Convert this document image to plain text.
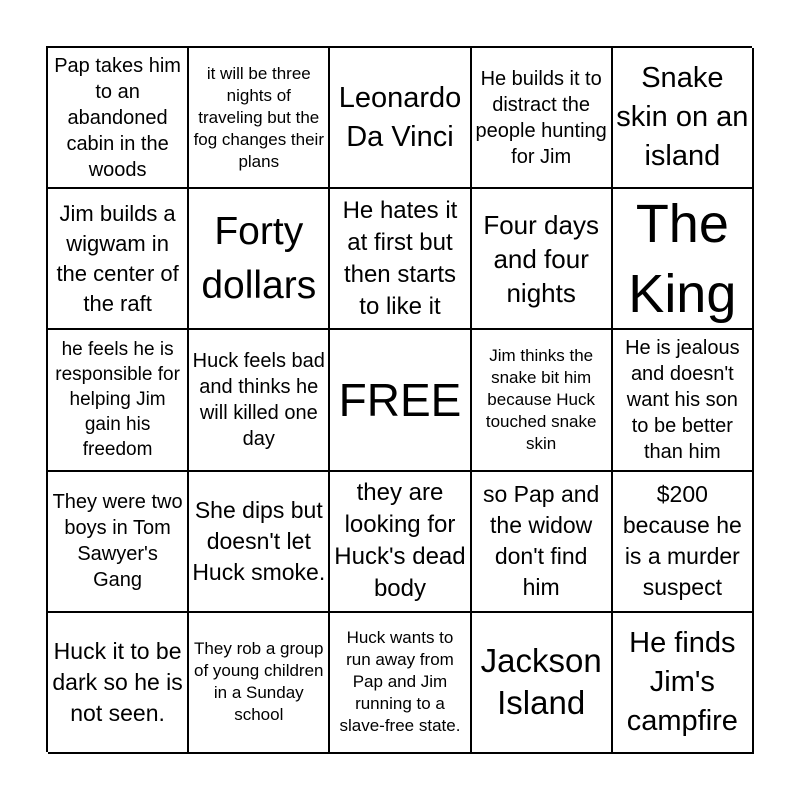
Pap takes him to an abandoned cabin in the woods
it will be three nights of traveling but the fog changes their plans
Leonardo Da Vinci
He builds it to distract the people hunting for Jim
Snake skin on an island
Jim builds a wigwam in the center of the raft
Forty dollars
He hates it at first but then starts to like it
Four days and four nights
The King
he feels he is responsible for helping Jim gain his freedom
Huck feels bad and thinks he will killed one day
FREE
Jim thinks the snake bit him because Huck touched snake skin
He is jealous and doesn't want his son to be better than him
They were two boys in Tom Sawyer's Gang
She dips but doesn't let Huck smoke.
they are looking for Huck's dead body
so Pap and the widow don't find him
$200 because he is a murder suspect
Huck it to be dark so he is not seen.
They rob a group of young children in a Sunday school
Huck wants to run away from Pap and Jim running to a slave-free state.
Jackson Island
He finds Jim's campfire
